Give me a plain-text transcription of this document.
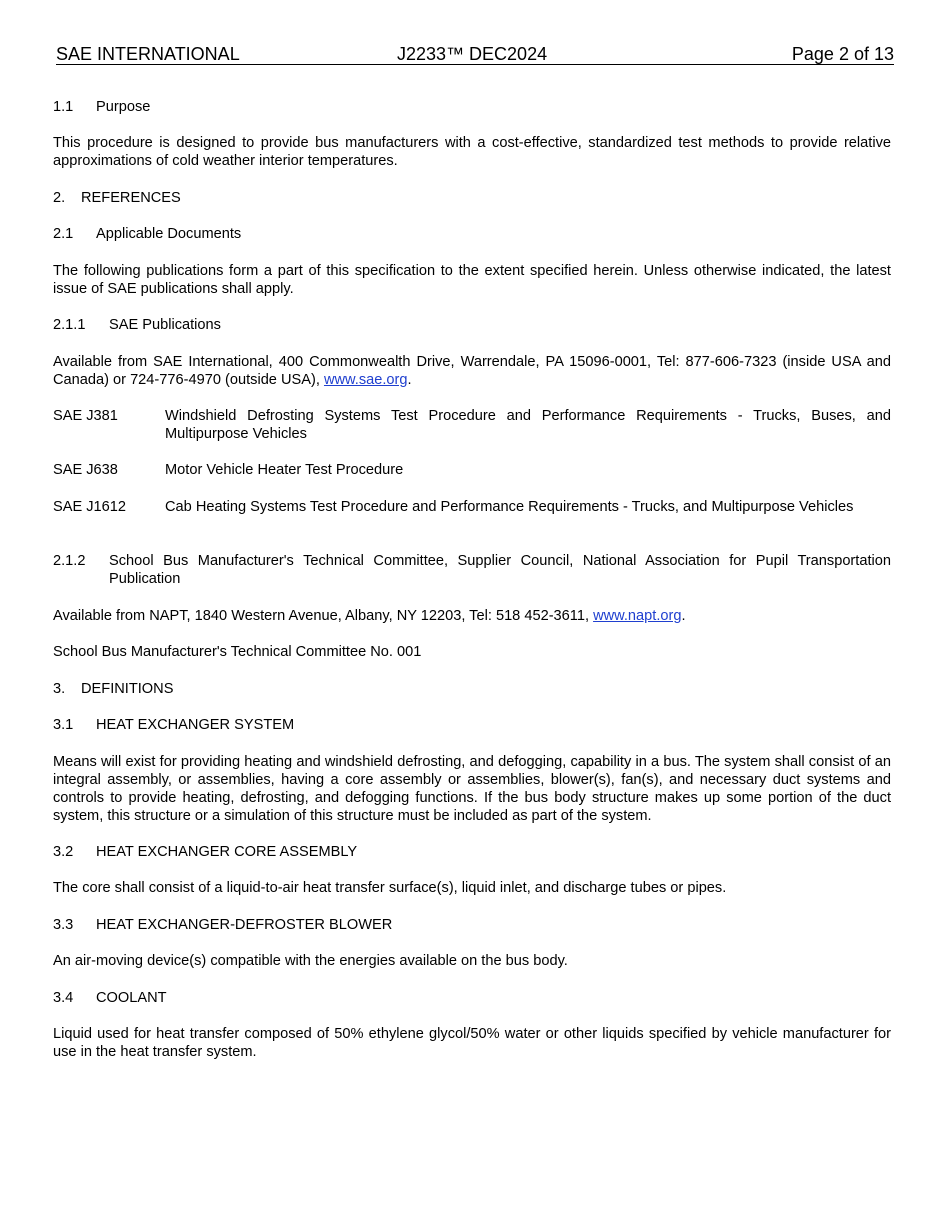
SAE INTERNATIONAL	J2233™ DEC2024	Page 2 of 13
1.1 Purpose
This procedure is designed to provide bus manufacturers with a cost-effective, standardized test methods to provide relative approximations of cold weather interior temperatures.
2. REFERENCES
2.1 Applicable Documents
The following publications form a part of this specification to the extent specified herein. Unless otherwise indicated, the latest issue of SAE publications shall apply.
2.1.1 SAE Publications
Available from SAE International, 400 Commonwealth Drive, Warrendale, PA 15096-0001, Tel: 877-606-7323 (inside USA and Canada) or 724-776-4970 (outside USA), www.sae.org.
SAE J381	Windshield Defrosting Systems Test Procedure and Performance Requirements - Trucks, Buses, and Multipurpose Vehicles
SAE J638	Motor Vehicle Heater Test Procedure
SAE J1612	Cab Heating Systems Test Procedure and Performance Requirements - Trucks, and Multipurpose Vehicles
2.1.2 School Bus Manufacturer's Technical Committee, Supplier Council, National Association for Pupil Transportation Publication
Available from NAPT, 1840 Western Avenue, Albany, NY 12203, Tel: 518 452-3611, www.napt.org.
School Bus Manufacturer's Technical Committee No. 001
3. DEFINITIONS
3.1 HEAT EXCHANGER SYSTEM
Means will exist for providing heating and windshield defrosting, and defogging, capability in a bus. The system shall consist of an integral assembly, or assemblies, having a core assembly or assemblies, blower(s), fan(s), and necessary duct systems and controls to provide heating, defrosting, and defogging functions. If the bus body structure makes up some portion of the duct system, this structure or a simulation of this structure must be included as part of the system.
3.2 HEAT EXCHANGER CORE ASSEMBLY
The core shall consist of a liquid-to-air heat transfer surface(s), liquid inlet, and discharge tubes or pipes.
3.3 HEAT EXCHANGER-DEFROSTER BLOWER
An air-moving device(s) compatible with the energies available on the bus body.
3.4 COOLANT
Liquid used for heat transfer composed of 50% ethylene glycol/50% water or other liquids specified by vehicle manufacturer for use in the heat transfer system.
